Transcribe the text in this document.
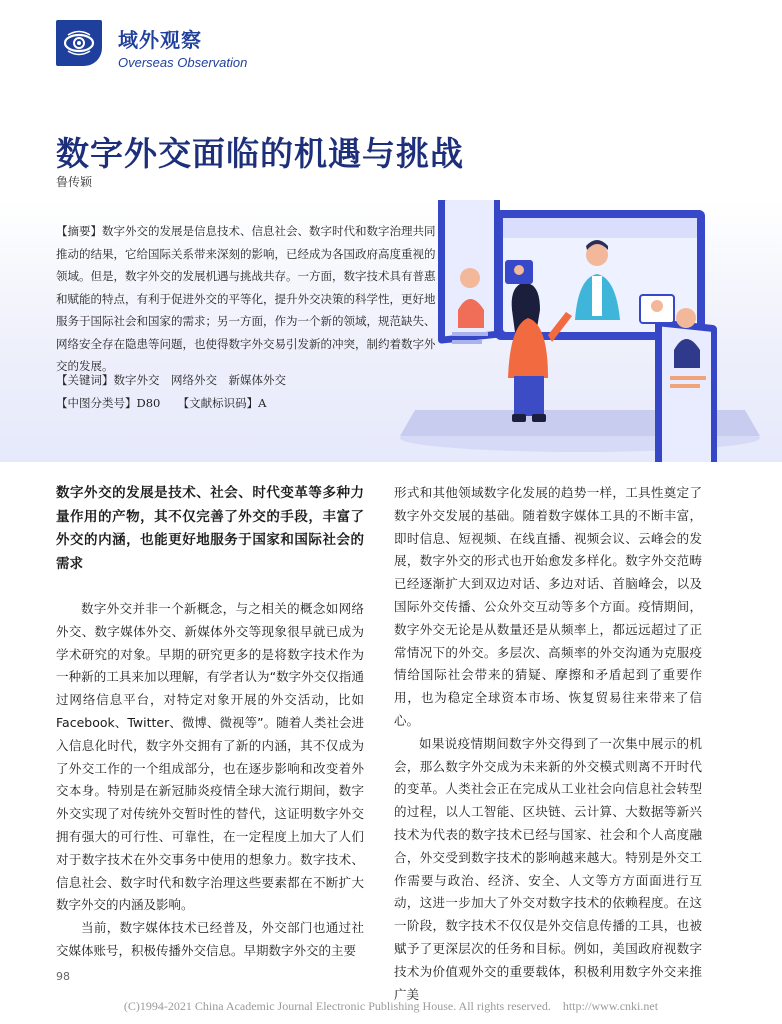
域外观察
Overseas Observation
数字外交面临的机遇与挑战
鲁传颖

【摘要】数字外交的发展是信息技术、信息社会、数字时代和数字治理共同推动的结果，它给国际关系带来深刻的影响，已经成为各国政府高度重视的领域。但是，数字外交的发展机遇与挑战共存。一方面，数字技术具有普惠和赋能的特点，有利于促进外交的平等化，提升外交决策的科学性，更好地服务于国际社会和国家的需求；另一方面，作为一个新的领域，规范缺失、网络安全存在隐患等问题，也使得数字外交易引发新的冲突，制约着数字外交的发展。

【关键词】数字外交　网络外交　新媒体外交
【中图分类号】D80 【文献标识码】A

数字外交的发展是技术、社会、时代变革等多种力量作用的产物，其不仅完善了外交的手段，丰富了外交的内涵，也能更好地服务于国家和国际社会的需求

数字外交并非一个新概念，与之相关的概念如网络外交、数字媒体外交、新媒体外交等现象很早就已成为学术研究的对象。早期的研究更多的是将数字技术作为一种新的工具来加以理解，有学者认为“数字外交仅指通过网络信息平台，对特定对象开展的外交活动，比如Facebook、Twitter、微博、微视等”。随着人类社会进入信息化时代，数字外交拥有了新的内涵，其不仅成为了外交工作的一个组成部分，也在逐步影响和改变着外交本身。特别是在新冠肺炎疫情全球大流行期间，数字外交实现了对传统外交暂时性的替代，这证明数字外交拥有强大的可行性、可靠性，在一定程度上加大了人们对于数字技术在外交事务中使用的想象力。数字技术、信息社会、数字时代和数字治理这些要素都在不断扩大数字外交的内涵及影响。

当前，数字媒体技术已经普及，外交部门也通过社交媒体账号，积极传播外交信息。早期数字外交的主要

形式和其他领域数字化发展的趋势一样，工具性奠定了数字外交发展的基础。随着数字媒体工具的不断丰富，即时信息、短视频、在线直播、视频会议、云峰会的发展，数字外交的形式也开始愈发多样化。数字外交范畴已经逐渐扩大到双边对话、多边对话、首脑峰会，以及国际外交传播、公众外交互动等多个方面。疫情期间，数字外交无论是从数量还是从频率上，都远远超过了正常情况下的外交。多层次、高频率的外交沟通为克服疫情给国际社会带来的猜疑、摩擦和矛盾起到了重要作用，也为稳定全球资本市场、恢复贸易往来带来了信心。

如果说疫情期间数字外交得到了一次集中展示的机会，那么数字外交成为未来新的外交模式则离不开时代的变革。人类社会正在完成从工业社会向信息社会转型的过程，以人工智能、区块链、云计算、大数据等新兴技术为代表的数字技术已经与国家、社会和个人高度融合，外交受到数字技术的影响越来越大。特别是外交工作需要与政治、经济、安全、人文等方方面面进行互动，这进一步加大了外交对数字技术的依赖程度。在这一阶段，数字技术不仅仅是外交信息传播的工具，也被赋予了更深层次的任务和目标。例如，美国政府视数字技术为价值观外交的重要载体，积极利用数字外交来推广美

98
(C)1994-2021 China Academic Journal Electronic Publishing House. All rights reserved.　http://www.cnki.net
